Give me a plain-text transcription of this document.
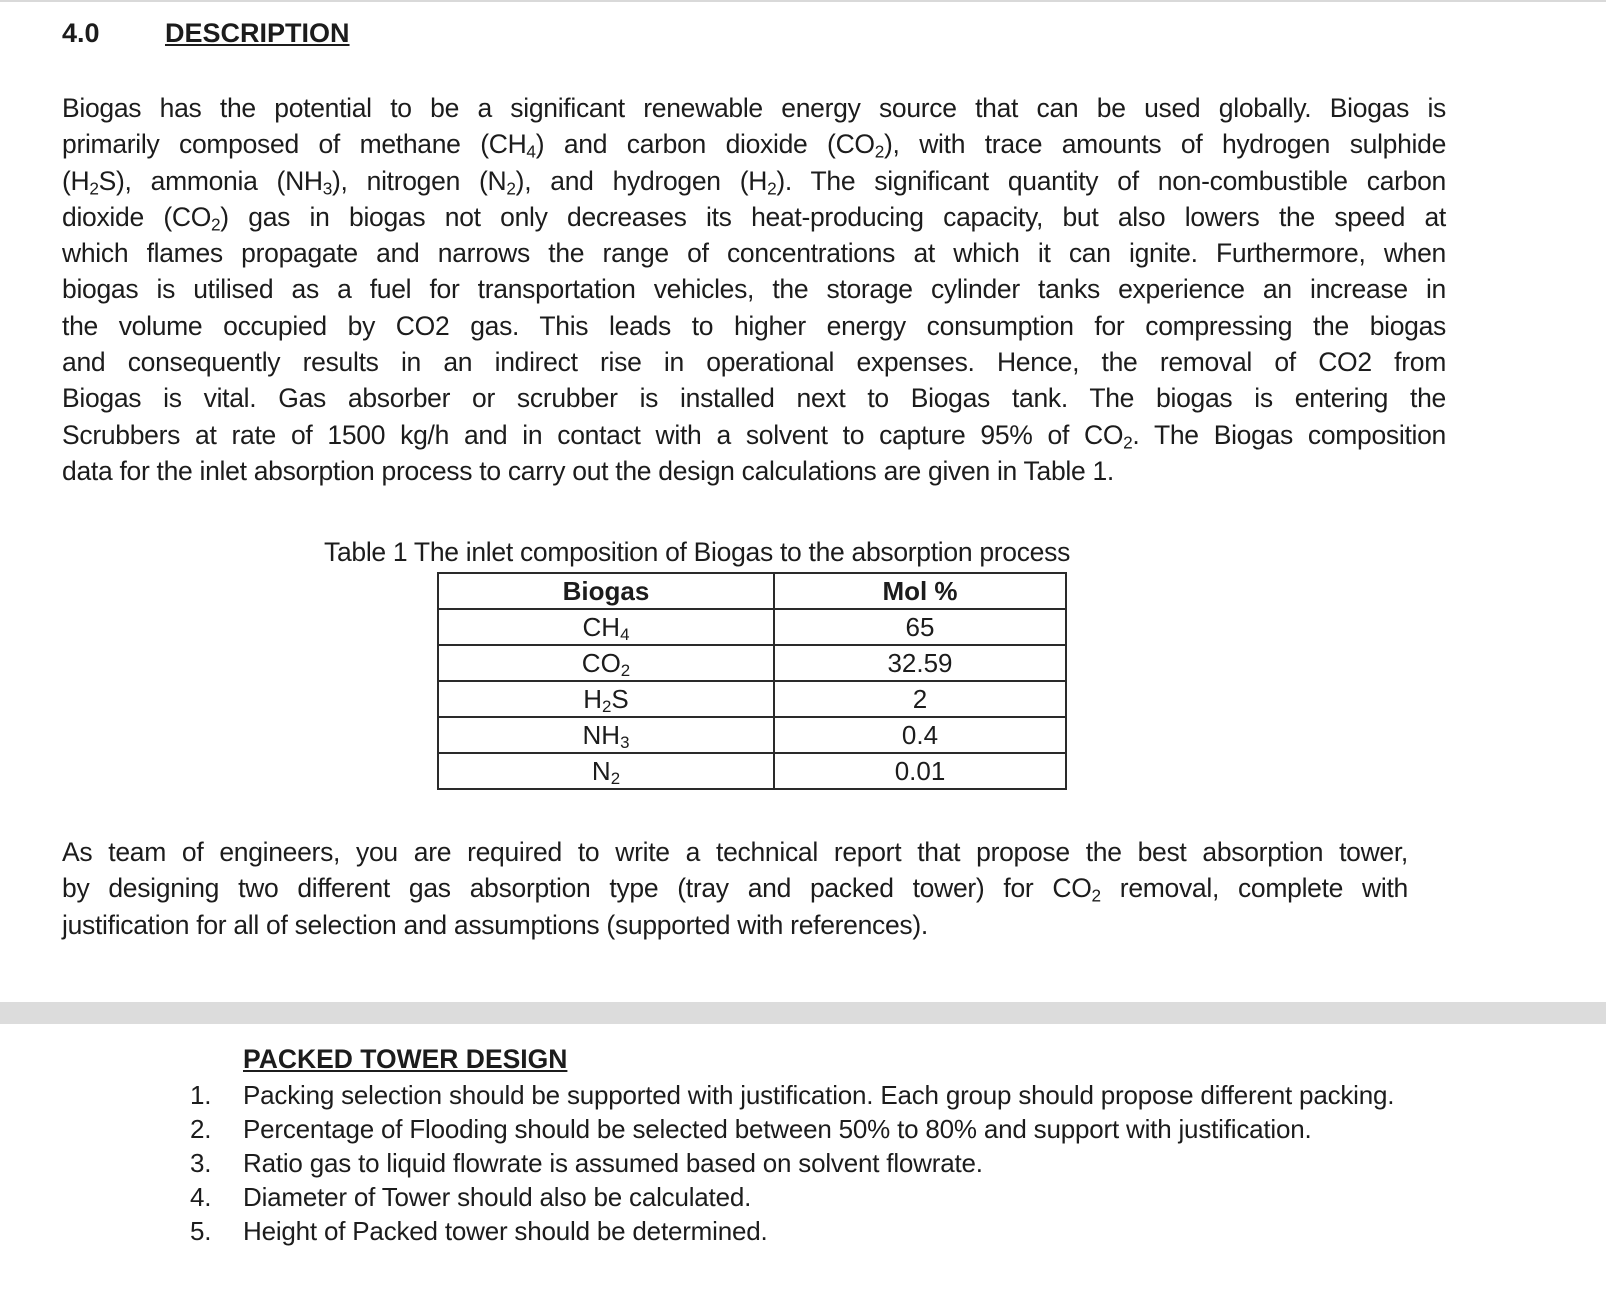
4.0 DESCRIPTION
Biogas has the potential to be a significant renewable energy source that can be used globally. Biogas is
primarily composed of methane $(CH_4)$ and carbon dioxide $(CO_2)$, with trace amounts of hydrogen sulphide
$(H_2S)$, ammonia $(NH_3)$, nitrogen $(N_2)$, and hydrogen $(H_2)$. The significant quantity of non-combustible carbon
dioxide $(CO_2)$ gas in biogas not only decreases its heat-producing capacity, but also lowers the speed at
which flames propagate and narrows the range of concentrations at which it can ignite. Furthermore, when
biogas is utilised as a fuel for transportation vehicles, the storage cylinder tanks experience an increase in
the volume occupied by CO2 gas. This leads to higher energy consumption for compressing the biogas
and consequently results in an indirect rise in operational expenses. Hence, the removal of CO2 from
Biogas is vital. Gas absorber or scrubber is installed next to Biogas tank. The biogas is entering the
Scrubbers at rate of 1500 kg/h and in contact with a solvent to capture 95% of $CO_2$. The Biogas composition
data for the inlet absorption process to carry out the design calculations are given in Table 1.
Table 1 The inlet composition of Biogas to the absorption process
Biogas	Mol %
$CH_4$	65
$CO_2$	32.59
$H_2S$	2
$NH_3$	0.4
$N_2$	0.01
As team of engineers, you are required to write a technical report that propose the best absorption tower,
by designing two different gas absorption type (tray and packed tower) for $CO_2$ removal, complete with
justification for all of selection and assumptions (supported with references).
PACKED TOWER DESIGN
1. Packing selection should be supported with justification. Each group should propose different packing.
2. Percentage of Flooding should be selected between 50% to 80% and support with justification.
3. Ratio gas to liquid flowrate is assumed based on solvent flowrate.
4. Diameter of Tower should also be calculated.
5. Height of Packed tower should be determined.
